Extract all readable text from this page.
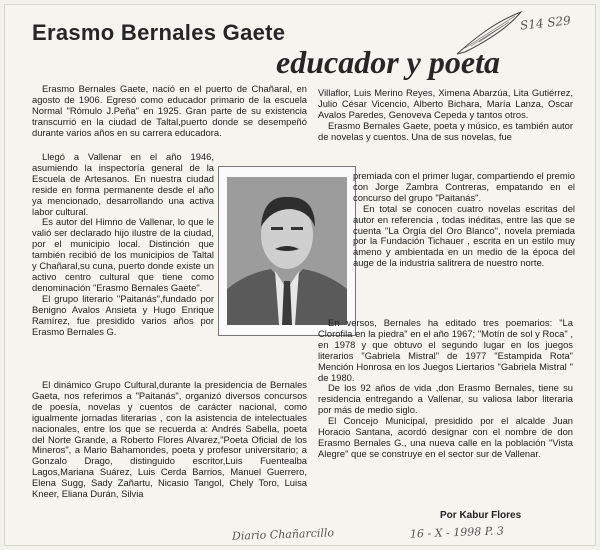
S14 S29
Erasmo Bernales Gaete
educador y poeta

Erasmo Bernales Gaete, nació en el puerto de Chañaral, en agosto de 1906. Egresó como educador primario de la escuela Normal "Rómulo J.Peña" en 1925. Gran parte de su existencia transcurrió en la ciudad de Taltal,puerto donde se desempeñó durante varios años en su carrera educadora.

Llegó a Vallenar en el año 1946, asumiendo la inspectoría general de la Escuela de Artesanos. En nuestra ciudad reside en forma permanente desde el año ya mencionado, desarrollando una activa labor cultural.

Es autor del Himno de Vallenar, lo que le valió ser declarado hijo ilustre de la ciudad, por el municipio local. Distinción que también recibió de los municipios de Taltal y Chañaral,su cuna, puerto donde existe un activo centro cultural que tiene como denominación "Erasmo Bernales Gaete".

El grupo literario "Paitanás",fundado por Benigno Avalos Ansieta y Hugo Enrique Ramírez, fue presidido varios años por Erasmo Bernales G.

El dinámico Grupo Cultural,durante la presidencia de Bernales Gaeta, nos referimos a "Paitanás", organizó diversos concursos de poesía, novelas y cuentos de carácter nacional, como igualmente jornadas literarias , con la asistencia de intelectuales nacionales, entre los que se recuerda a: Andrés Sabella, poeta del Norte Grande, a Roberto Flores Alvarez,"Poeta Oficial de los Mineros", a Mario Bahamondes, poeta y profesor universitario; a Gonzalo Drago, distinguido escritor,Luis Fuentealba Lagos,Mariana Suárez, Luis Cerda Barrios, Manuel Guerrero, Elena Sugg, Sady Zañartu, Nicasio Tangol, Chely Toro, Luisa Kneer, Eliana Durán, Silvia

Villaflor, Luis Merino Reyes, Ximena Abarzúa, Lita Gutiérrez, Julio César Vicencio, Alberto Bichara, María Lanza, Oscar Avalos Paredes, Genoveva Cepeda y tantos otros.

Erasmo Bernales Gaete, poeta y músico, es también autor de novelas y cuentos. Una de sus novelas, fue

premiada con el primer lugar, compartiendo el premio con Jorge Zambra Contreras, empatando en el concurso del grupo "Paitanás".

En total se conocen cuatro novelas escritas del autor en referencia , todas inéditas, entre las que se cuenta "La Orgía del Oro Blanco", novela premiada por la Fundación Tichauer , escrita en un estilo muy ameno y ambientada en un medio de la época del auge de la industria salitrera de nuestro norte.

En versos, Bernales ha editado tres poemarios: "La Clorofila en la piedra" en el año 1967; "Motín de sol y Roca" , en 1978 y que obtuvo el segundo lugar en los juegos literarios "Gabriela Mistral" de 1977 "Estampida Rota" Mención Honrosa en los Juegos Liertarios "Gabriela Mistral " de 1980.

De los 92 años de vida ,don Erasmo Bernales, tiene su residencia entregando a Vallenar, su valiosa labor literaria por más de medio siglo.

El Concejo Municipal, presidido por el alcalde Juan Horacio Santana, acordó designar con el nombre de don Erasmo Bernales G., una nueva calle en la población "Vista Alegre" que se construye en el sector sur de Vallenar.

Por Kabur Flores
Diario Chañarcillo	16 - X - 1998 P. 3
